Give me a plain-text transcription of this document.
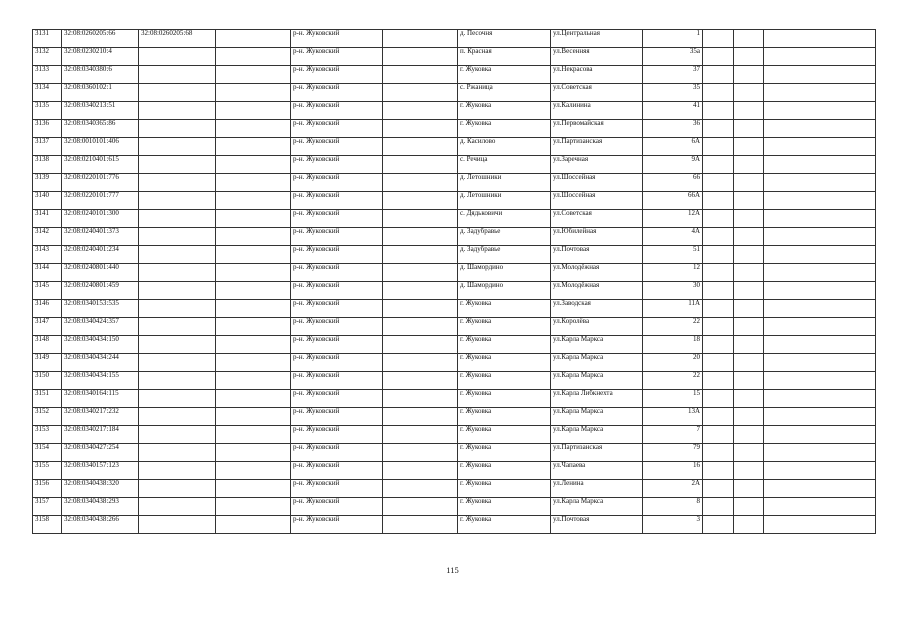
3131	32:08:0260205:66	32:08:0260205:68		р-н. Жуковский		д. Песочня	ул.Центральная	1			
3132	32:08:0230210:4			р-н. Жуковский		п. Красная	ул.Весенняя	35а			
3133	32:08:0340380:6			р-н. Жуковский		г. Жуковка	ул.Некрасова	37			
3134	32:08:0360102:1			р-н. Жуковский		с. Ржаница	ул.Советская	35			
3135	32:08:0340213:51			р-н. Жуковский		г. Жуковка	ул.Калинина	41			
3136	32:08:0340365:86			р-н. Жуковский		г. Жуковка	ул.Первомайская	36			
3137	32:08:0010101:406			р-н. Жуковский		д. Касилово	ул.Партизанская	6А			
3138	32:08:0210401:615			р-н. Жуковский		с. Речица	ул.Заречная	9А			
3139	32:08:0220101:776			р-н. Жуковский		д. Летошники	ул.Шоссейная	66			
3140	32:08:0220101:777			р-н. Жуковский		д. Летошники	ул.Шоссейная	66А			
3141	32:08:0240101:300			р-н. Жуковский		с. Дядьковичи	ул.Советская	12А			
3142	32:08:0240401:373			р-н. Жуковский		д. Задубравье	ул.Юбилейная	4А			
3143	32:08:0240401:234			р-н. Жуковский		д. Задубравье	ул.Почтовая	51			
3144	32:08:0240801:440			р-н. Жуковский		д. Шамордино	ул.Молодёжная	12			
3145	32:08:0240801:459			р-н. Жуковский		д. Шамордино	ул.Молодёжная	30			
3146	32:08:0340153:535			р-н. Жуковский		г. Жуковка	ул.Заводская	11А			
3147	32:08:0340424:357			р-н. Жуковский		г. Жуковка	ул.Королёва	22			
3148	32:08:0340434:150			р-н. Жуковский		г. Жуковка	ул.Карла Маркса	18			
3149	32:08:0340434:244			р-н. Жуковский		г. Жуковка	ул.Карла Маркса	20			
3150	32:08:0340434:155			р-н. Жуковский		г. Жуковка	ул.Карла Маркса	22			
3151	32:08:0340164:115			р-н. Жуковский		г. Жуковка	ул.Карла Либкнехта	15			
3152	32:08:0340217:232			р-н. Жуковский		г. Жуковка	ул.Карла Маркса	13А			
3153	32:08:0340217:184			р-н. Жуковский		г. Жуковка	ул.Карла Маркса	7			
3154	32:08:0340427:254			р-н. Жуковский		г. Жуковка	ул.Партизанская	79			
3155	32:08:0340157:123			р-н. Жуковский		г. Жуковка	ул.Чапаева	16			
3156	32:08:0340438:320			р-н. Жуковский		г. Жуковка	ул.Ленина	2А			
3157	32:08:0340438:293			р-н. Жуковский		г. Жуковка	ул.Карла Маркса	8			
3158	32:08:0340438:266			р-н. Жуковский		г. Жуковка	ул.Почтовая	3			
115
